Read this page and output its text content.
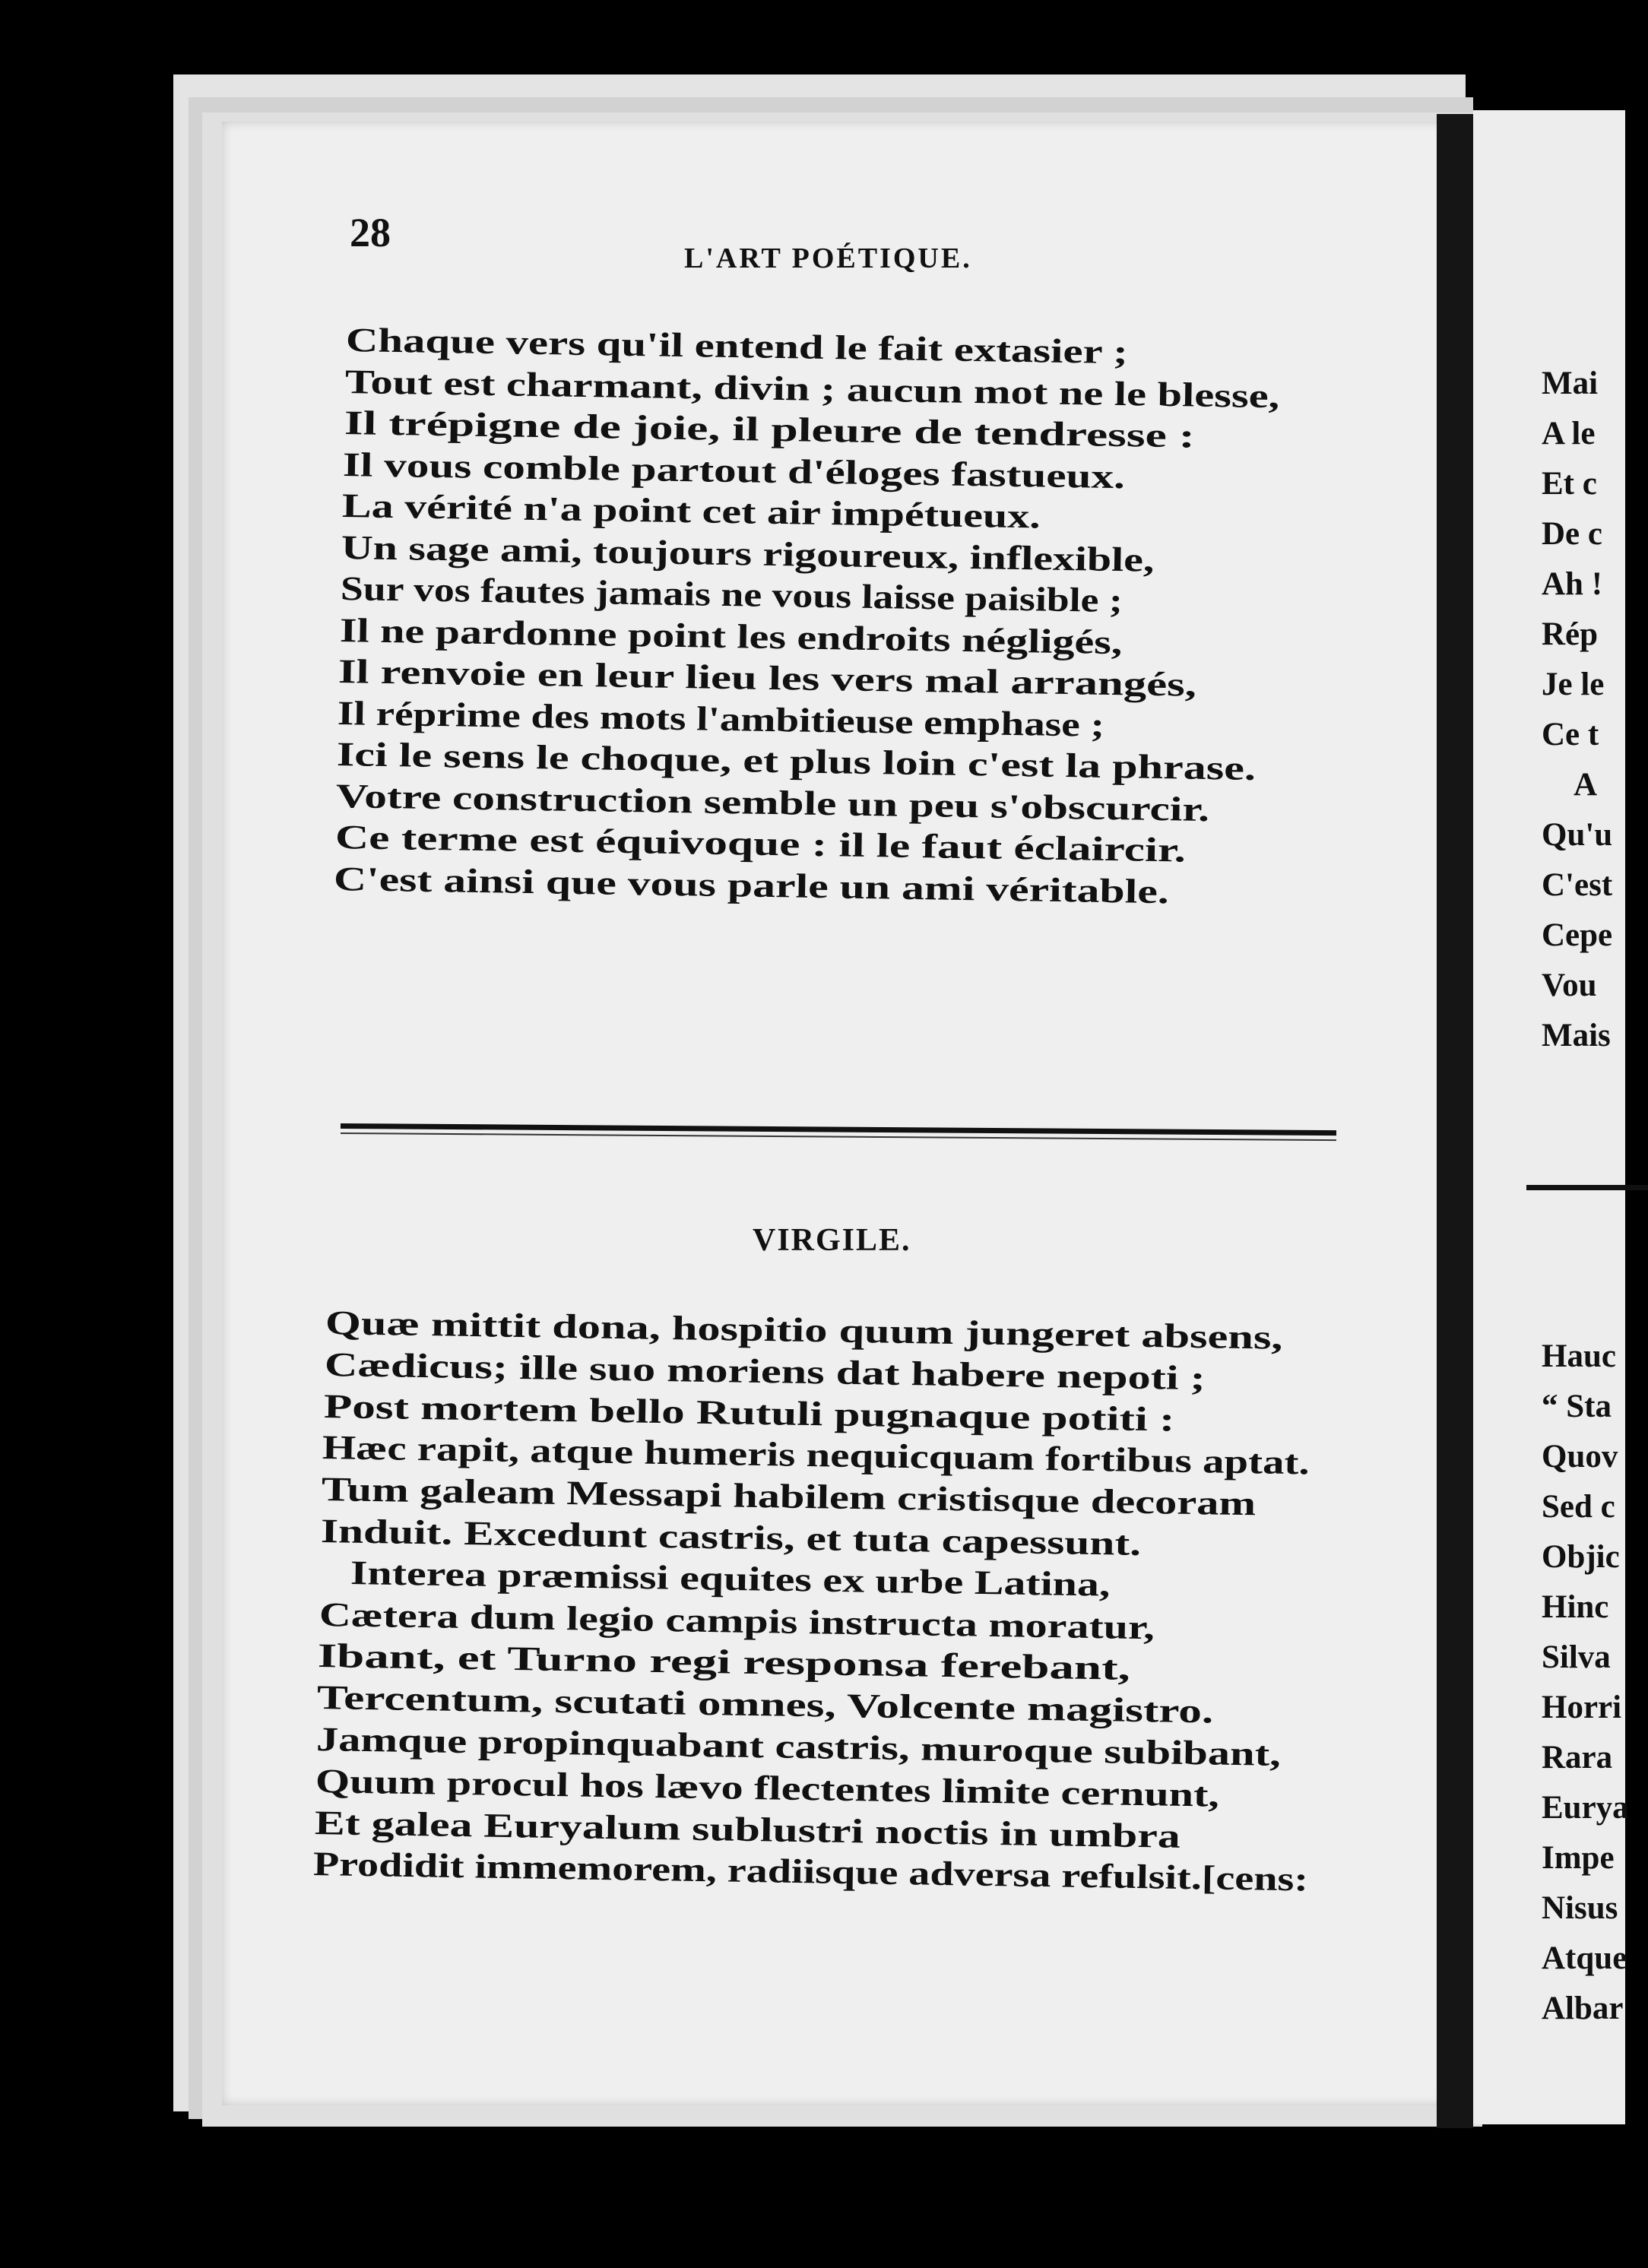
28
L'ART POÉTIQUE.
Chaque vers qu'il entend le fait extasier ;
Tout est charmant, divin ; aucun mot ne le blesse,
Il trépigne de joie, il pleure de tendresse :
Il vous comble partout d'éloges fastueux.
La vérité n'a point cet air impétueux.
Un sage ami, toujours rigoureux, inflexible,
Sur vos fautes jamais ne vous laisse paisible ;
Il ne pardonne point les endroits négligés,
Il renvoie en leur lieu les vers mal arrangés,
Il réprime des mots l'ambitieuse emphase ;
Ici le sens le choque, et plus loin c'est la phrase.
Votre construction semble un peu s'obscurcir.
Ce terme est équivoque : il le faut éclaircir.
C'est ainsi que vous parle un ami véritable.
VIRGILE.
Quæ mittit dona, hospitio quum jungeret absens,
Cædicus; ille suo moriens dat habere nepoti ;
Post mortem bello Rutuli pugnaque potiti :
Hæc rapit, atque humeris nequicquam fortibus aptat.
Tum galeam Messapi habilem cristisque decoram
Induit. Excedunt castris, et tuta capessunt.
Interea præmissi equites ex urbe Latina,
Cætera dum legio campis instructa moratur,
Ibant, et Turno regi responsa ferebant,
Tercentum, scutati omnes, Volcente magistro.
Jamque propinquabant castris, muroque subibant,
Quum procul hos lævo flectentes limite cernunt,
Et galea Euryalum sublustri noctis in umbra
Prodidit immemorem, radiisque adversa refulsit.[cens:
Mai
A le
Et c
De c
Ah !
Rép
Je le
Ce t
A
Qu'u
C'est
Cepe
Vou
Mais
Hauc
“ Sta
Quov
Sed c
Objic
Hinc
Silva
Horri
Rara
Eurya
Impe
Nisus
Atque
Albar
